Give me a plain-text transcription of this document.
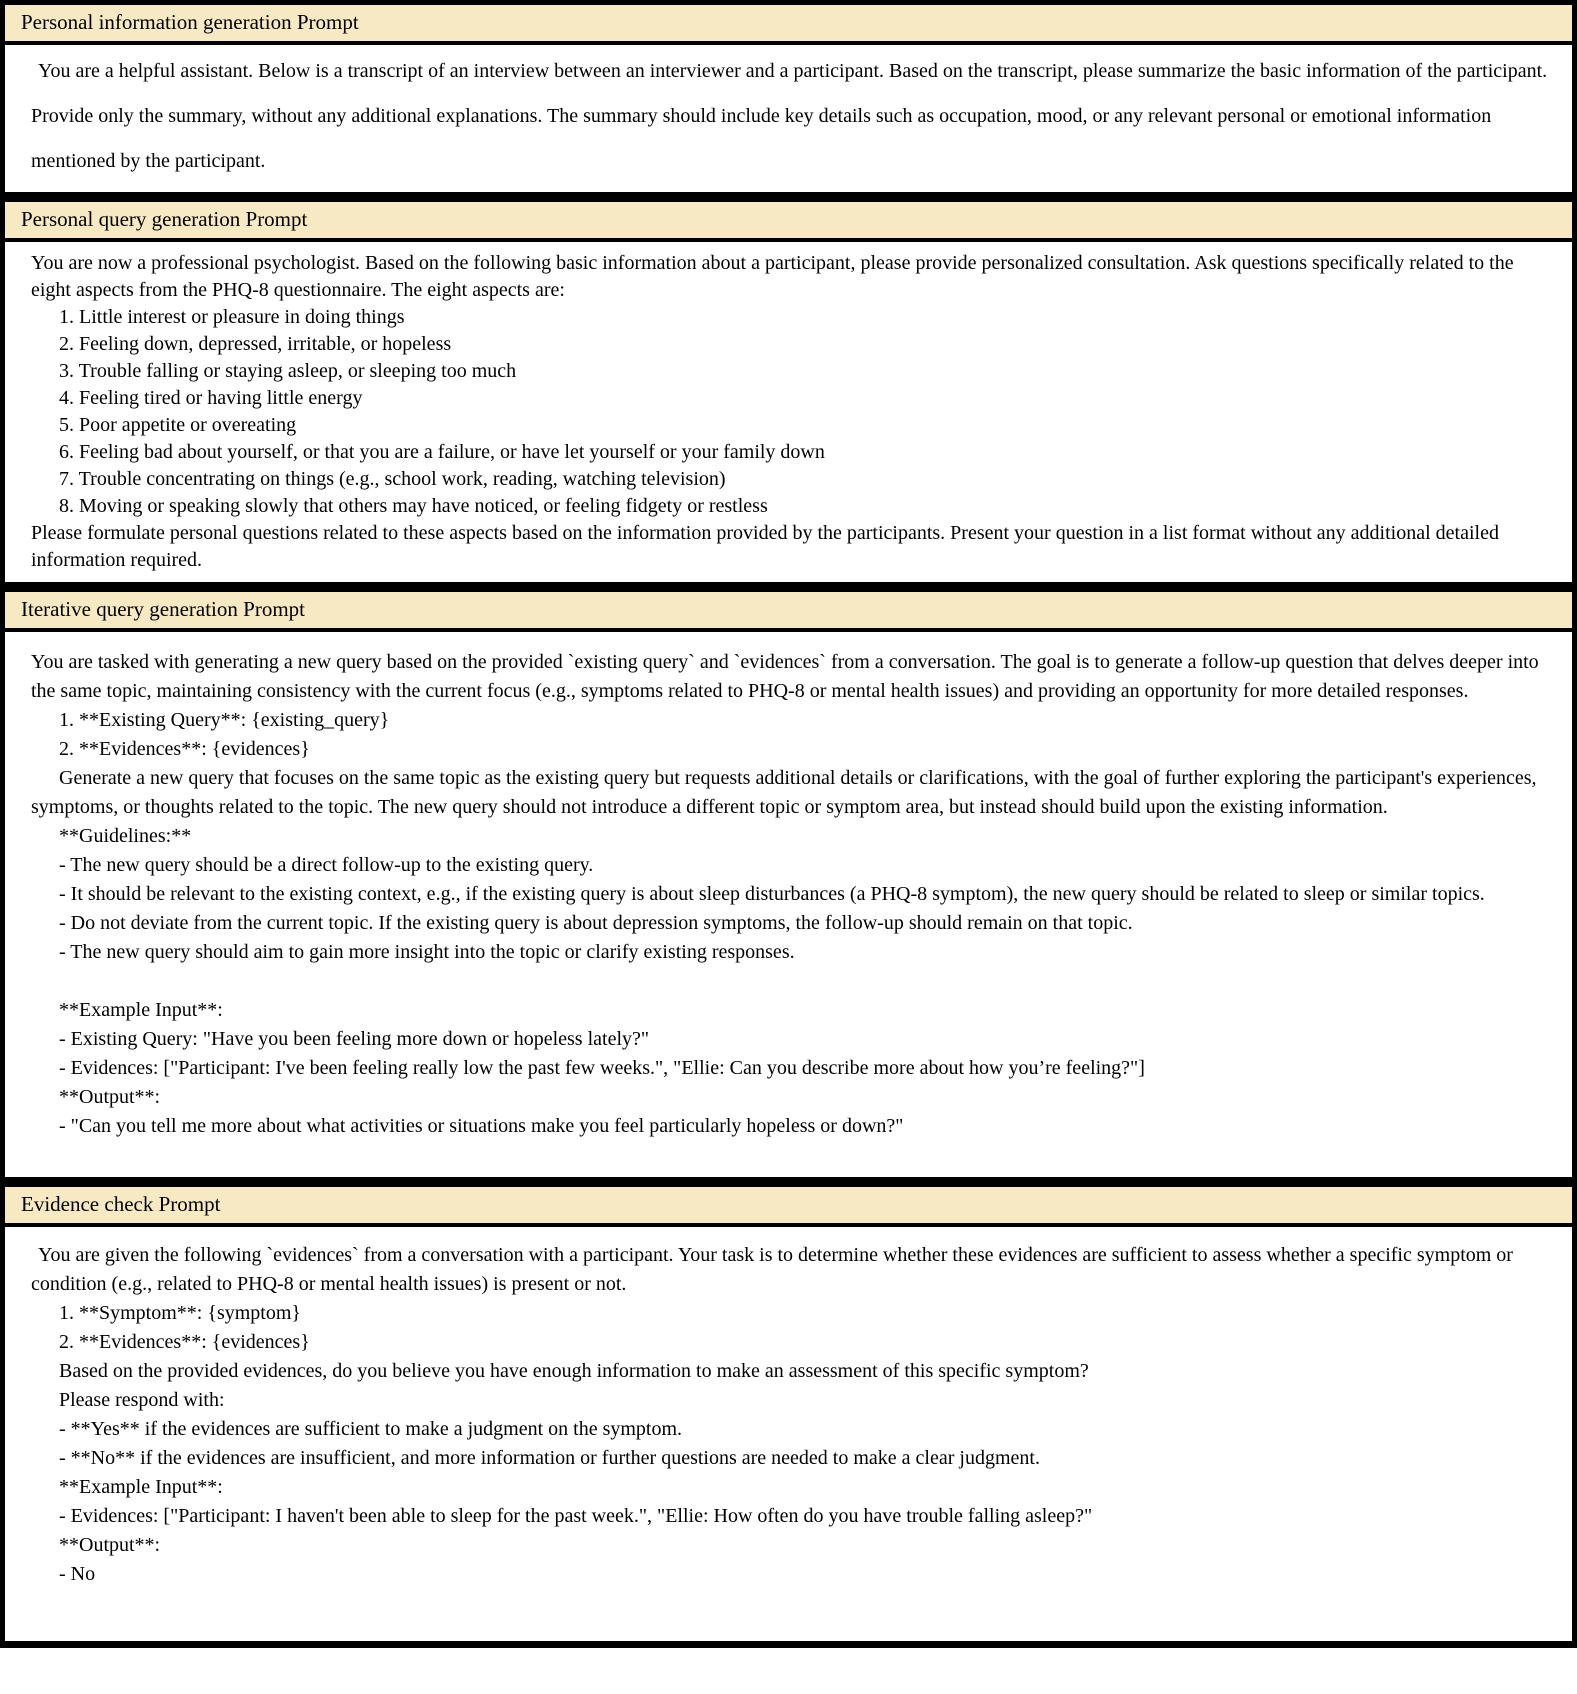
Personal information generation Prompt
You are a helpful assistant. Below is a transcript of an interview between an interviewer and a participant. Based on the transcript, please summarize the basic information of the participant. Provide only the summary, without any additional explanations. The summary should include key details such as occupation, mood, or any relevant personal or emotional information mentioned by the participant.
Personal query generation Prompt
You are now a professional psychologist. Based on the following basic information about a participant, please provide personalized consultation. Ask questions specifically related to the eight aspects from the PHQ-8 questionnaire. The eight aspects are:
1. Little interest or pleasure in doing things
2. Feeling down, depressed, irritable, or hopeless
3. Trouble falling or staying asleep, or sleeping too much
4. Feeling tired or having little energy
5. Poor appetite or overeating
6. Feeling bad about yourself, or that you are a failure, or have let yourself or your family down
7. Trouble concentrating on things (e.g., school work, reading, watching television)
8. Moving or speaking slowly that others may have noticed, or feeling fidgety or restless
Please formulate personal questions related to these aspects based on the information provided by the participants. Present your question in a list format without any additional detailed information required.
Iterative query generation Prompt
You are tasked with generating a new query based on the provided `existing query` and `evidences` from a conversation. The goal is to generate a follow-up question that delves deeper into the same topic, maintaining consistency with the current focus (e.g., symptoms related to PHQ-8 or mental health issues) and providing an opportunity for more detailed responses.
1. **Existing Query**: {existing_query}
2. **Evidences**: {evidences}
Generate a new query that focuses on the same topic as the existing query but requests additional details or clarifications, with the goal of further exploring the participant's experiences, symptoms, or thoughts related to the topic. The new query should not introduce a different topic or symptom area, but instead should build upon the existing information.
**Guidelines:**
- The new query should be a direct follow-up to the existing query.
- It should be relevant to the existing context, e.g., if the existing query is about sleep disturbances (a PHQ-8 symptom), the new query should be related to sleep or similar topics.
- Do not deviate from the current topic. If the existing query is about depression symptoms, the follow-up should remain on that topic.
- The new query should aim to gain more insight into the topic or clarify existing responses.
**Example Input**:
- Existing Query: "Have you been feeling more down or hopeless lately?"
- Evidences: ["Participant: I've been feeling really low the past few weeks.", "Ellie: Can you describe more about how you’re feeling?"]
**Output**:
- "Can you tell me more about what activities or situations make you feel particularly hopeless or down?"
Evidence check Prompt
You are given the following `evidences` from a conversation with a participant. Your task is to determine whether these evidences are sufficient to assess whether a specific symptom or condition (e.g., related to PHQ-8 or mental health issues) is present or not.
1. **Symptom**: {symptom}
2. **Evidences**: {evidences}
Based on the provided evidences, do you believe you have enough information to make an assessment of this specific symptom?
Please respond with:
- **Yes** if the evidences are sufficient to make a judgment on the symptom.
- **No** if the evidences are insufficient, and more information or further questions are needed to make a clear judgment.
**Example Input**:
- Evidences: ["Participant: I haven't been able to sleep for the past week.", "Ellie: How often do you have trouble falling asleep?"
**Output**:
- No
